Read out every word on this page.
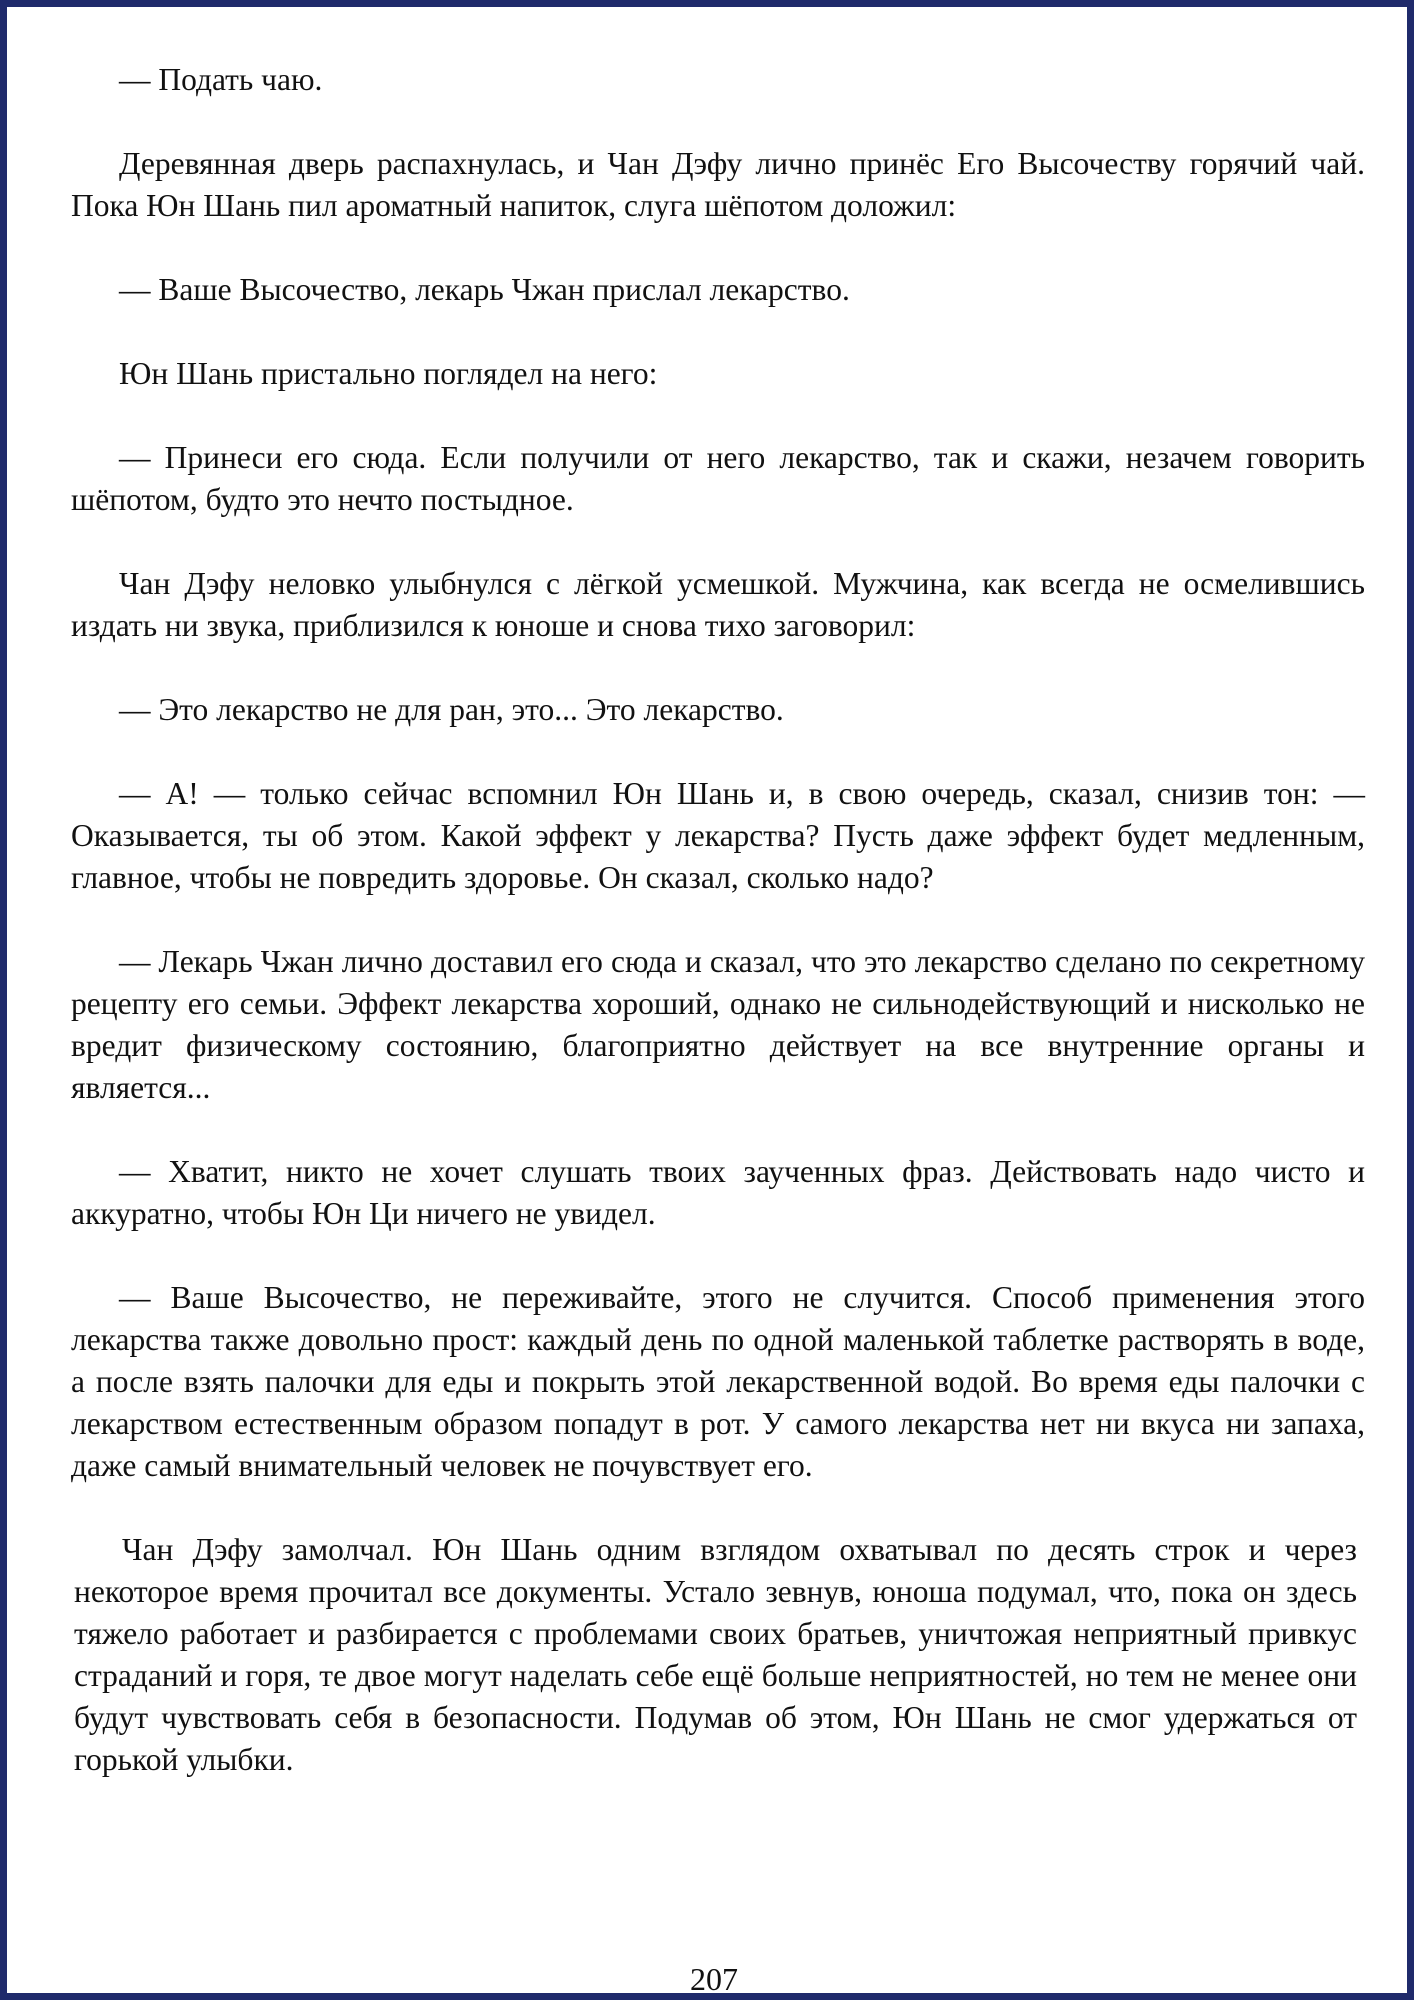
— Подать чаю.

Деревянная дверь распахнулась, и Чан Дэфу лично принёс Его Высочеству горячий чай. Пока Юн Шань пил ароматный напиток, слуга шёпотом доложил:

— Ваше Высочество, лекарь Чжан прислал лекарство.

Юн Шань пристально поглядел на него:

— Принеси его сюда. Если получили от него лекарство, так и скажи, незачем говорить шёпотом, будто это нечто постыдное.

Чан Дэфу неловко улыбнулся с лёгкой усмешкой. Мужчина, как всегда не осмелившись издать ни звука, приблизился к юноше и снова тихо заговорил:

— Это лекарство не для ран, это... Это лекарство.

— А! — только сейчас вспомнил Юн Шань и, в свою очередь, сказал, снизив тон: — Оказывается, ты об этом. Какой эффект у лекарства? Пусть даже эффект будет медленным, главное, чтобы не повредить здоровье. Он сказал, сколько надо?

— Лекарь Чжан лично доставил его сюда и сказал, что это лекарство сделано по секретному рецепту его семьи. Эффект лекарства хороший, однако не сильнодействующий и нисколько не вредит физическому состоянию, благоприятно действует на все внутренние органы и является...

— Хватит, никто не хочет слушать твоих заученных фраз. Действовать надо чисто и аккуратно, чтобы Юн Ци ничего не увидел.

— Ваше Высочество, не переживайте, этого не случится. Способ применения этого лекарства также довольно прост: каждый день по одной маленькой таблетке растворять в воде, а после взять палочки для еды и покрыть этой лекарственной водой. Во время еды палочки с лекарством естественным образом попадут в рот. У самого лекарства нет ни вкуса ни запаха, даже самый внимательный человек не почувствует его.

Чан Дэфу замолчал. Юн Шань одним взглядом охватывал по десять строк и через некоторое время прочитал все документы. Устало зевнув, юноша подумал, что, пока он здесь тяжело работает и разбирается с проблемами своих братьев, уничтожая неприятный привкус страданий и горя, те двое могут наделать себе ещё больше неприятностей, но тем не менее они будут чувствовать себя в безопасности. Подумав об этом, Юн Шань не смог удержаться от горькой улыбки.

207
